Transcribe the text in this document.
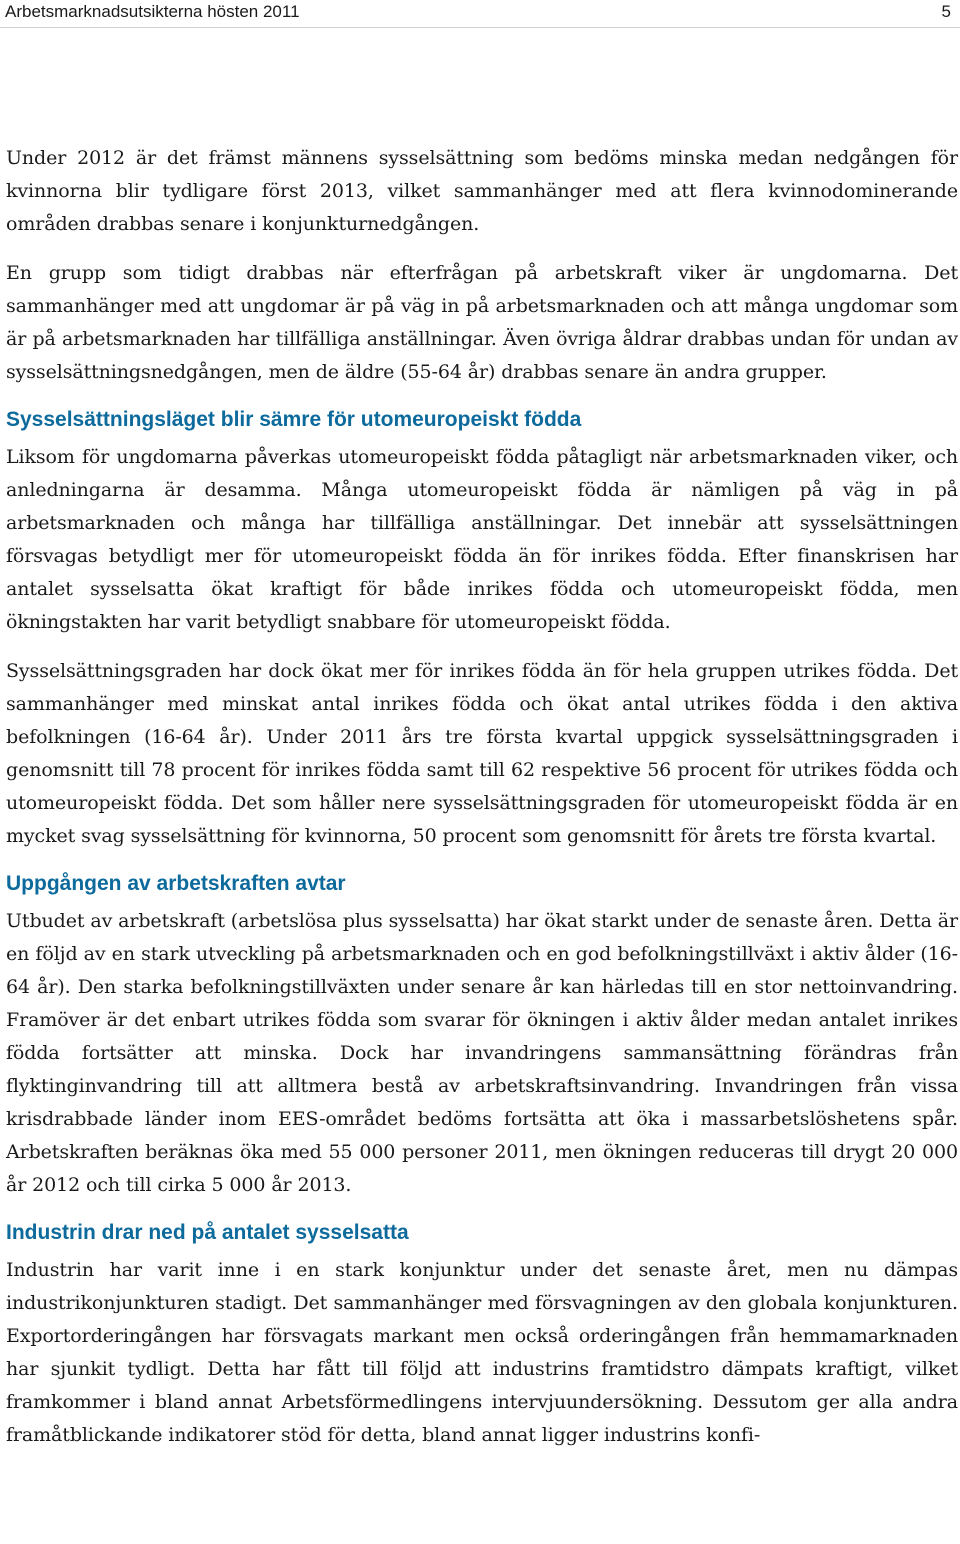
Arbetsmarknadsutsikterna hösten 2011	5

Under 2012 är det främst männens sysselsättning som bedöms minska medan nedgången för kvinnorna blir tydligare först 2013, vilket sammanhänger med att flera kvinnodominerande områden drabbas senare i konjunkturnedgången.

En grupp som tidigt drabbas när efterfrågan på arbetskraft viker är ungdomarna. Det sammanhänger med att ungdomar är på väg in på arbetsmarknaden och att många ungdomar som är på arbetsmarknaden har tillfälliga anställningar. Även övriga åldrar drabbas undan för undan av sysselsättningsnedgången, men de äldre (55-64 år) drabbas senare än andra grupper.

Sysselsättningsläget blir sämre för utomeuropeiskt födda

Liksom för ungdomarna påverkas utomeuropeiskt födda påtagligt när arbetsmarknaden viker, och anledningarna är desamma. Många utomeuropeiskt födda är nämligen på väg in på arbetsmarknaden och många har tillfälliga anställningar. Det innebär att sysselsättningen försvagas betydligt mer för utomeuropeiskt födda än för inrikes födda. Efter finanskrisen har antalet sysselsatta ökat kraftigt för både inrikes födda och utomeuropeiskt födda, men ökningstakten har varit betydligt snabbare för utomeuropeiskt födda.

Sysselsättningsgraden har dock ökat mer för inrikes födda än för hela gruppen utrikes födda. Det sammanhänger med minskat antal inrikes födda och ökat antal utrikes födda i den aktiva befolkningen (16-64 år). Under 2011 års tre första kvartal uppgick sysselsättningsgraden i genomsnitt till 78 procent för inrikes födda samt till 62 respektive 56 procent för utrikes födda och utomeuropeiskt födda. Det som håller nere sysselsättningsgraden för utomeuropeiskt födda är en mycket svag sysselsättning för kvinnorna, 50 procent som genomsnitt för årets tre första kvartal.

Uppgången av arbetskraften avtar

Utbudet av arbetskraft (arbetslösa plus sysselsatta) har ökat starkt under de senaste åren. Detta är en följd av en stark utveckling på arbetsmarknaden och en god befolkningstillväxt i aktiv ålder (16-64 år). Den starka befolkningstillväxten under senare år kan härledas till en stor nettoinvandring. Framöver är det enbart utrikes födda som svarar för ökningen i aktiv ålder medan antalet inrikes födda fortsätter att minska. Dock har invandringens sammansättning förändras från flyktinginvandring till att alltmera bestå av arbetskraftsinvandring. Invandringen från vissa krisdrabbade länder inom EES-området bedöms fortsätta att öka i massarbetslöshetens spår. Arbetskraften beräknas öka med 55 000 personer 2011, men ökningen reduceras till drygt 20 000 år 2012 och till cirka 5 000 år 2013.

Industrin drar ned på antalet sysselsatta

Industrin har varit inne i en stark konjunktur under det senaste året, men nu dämpas industrikonjunkturen stadigt. Det sammanhänger med försvagningen av den globala konjunkturen. Exportorderingången har försvagats markant men också orderingången från hemmamarknaden har sjunkit tydligt. Detta har fått till följd att industrins framtidstro dämpats kraftigt, vilket framkommer i bland annat Arbetsförmedlingens intervjuundersökning. Dessutom ger alla andra framåtblickande indikatorer stöd för detta, bland annat ligger industrins konfi-
